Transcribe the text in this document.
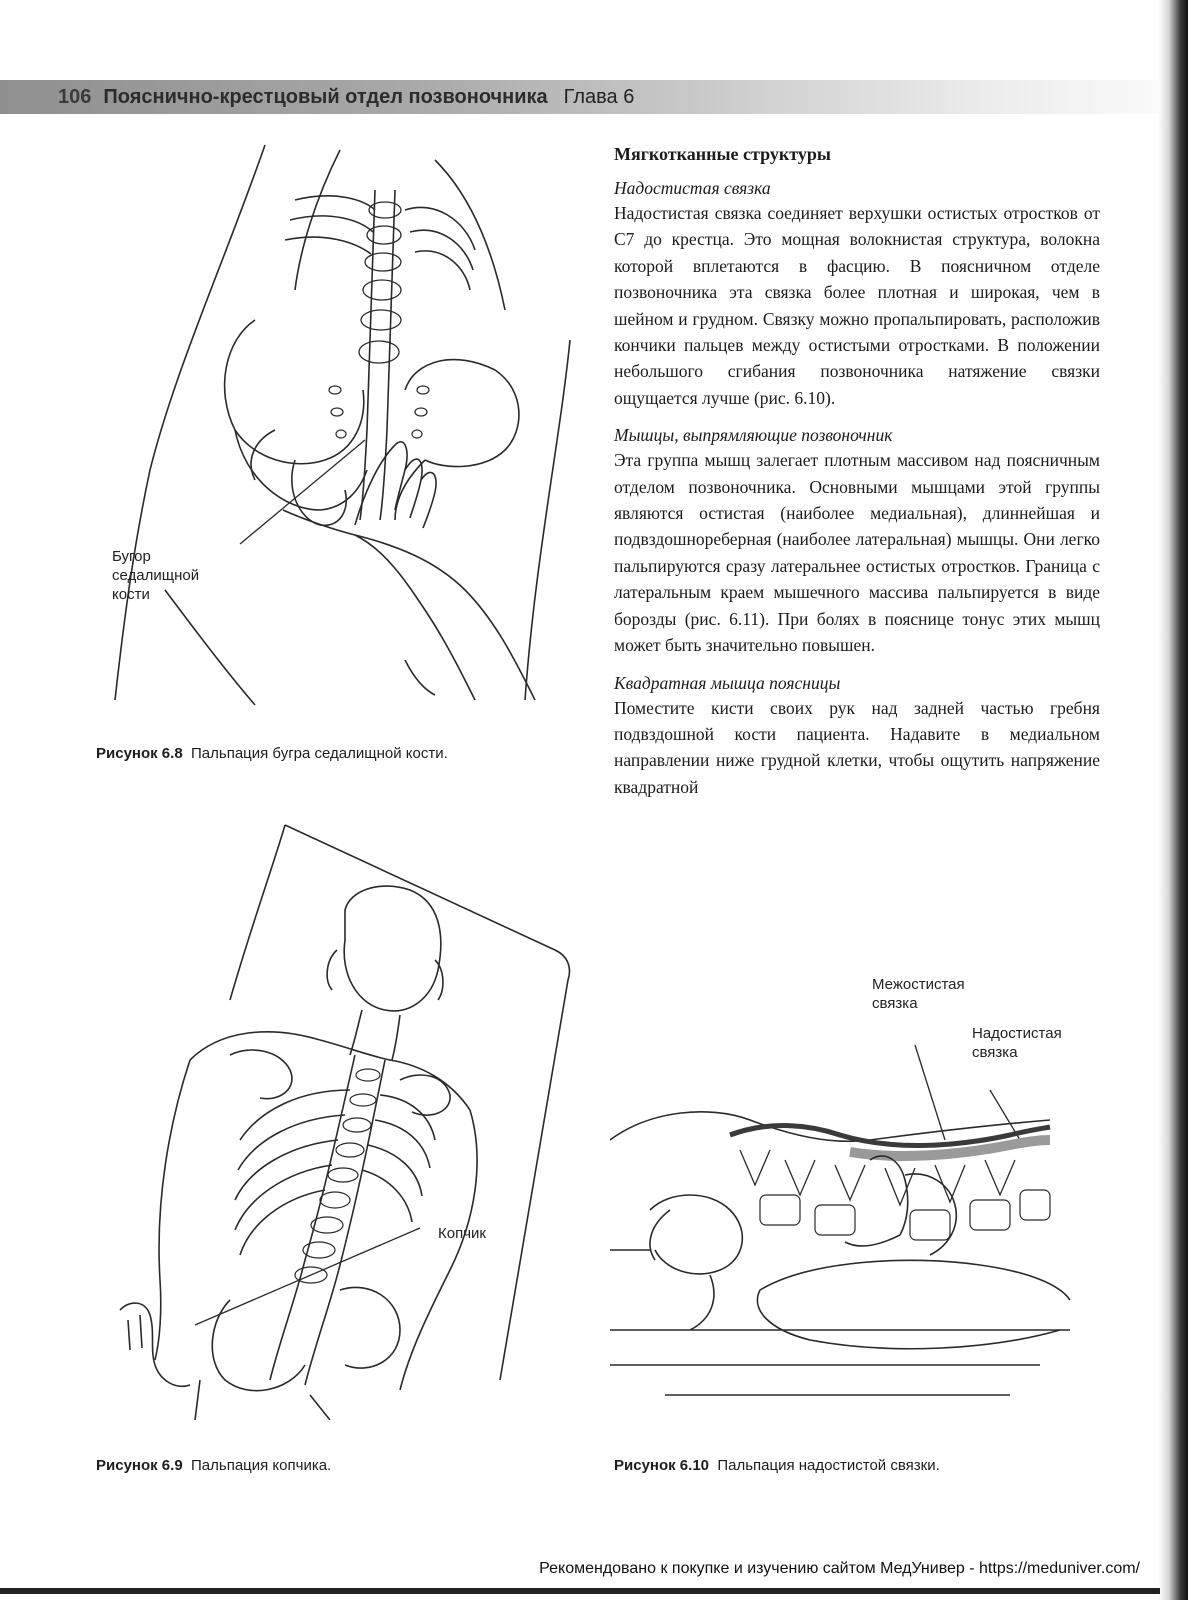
106 Пояснично-крестцовый отдел позвоночника Глава 6
Бугор седалищной кости
Рисунок 6.8 Пальпация бугра седалищной кости.
Копчик
Рисунок 6.9 Пальпация копчика.
Мягкотканные структуры
Надостистая связка

Надостистая связка соединяет верхушки остистых отростков от С7 до крестца. Это мощная волокнистая структура, волокна которой вплетаются в фасцию. В поясничном отделе позвоночника эта связка более плотная и широкая, чем в шейном и грудном. Связку можно пропальпировать, расположив кончики пальцев между остистыми отростками. В положении небольшого сгибания позвоночника натяжение связки ощущается лучше (рис. 6.10).

Мышцы, выпрямляющие позвоночник

Эта группа мышц залегает плотным массивом над поясничным отделом позвоночника. Основными мышцами этой группы являются остистая (наиболее медиальная), длиннейшая и подвздошнореберная (наиболее латеральная) мышцы. Они легко пальпируются сразу латеральнее остистых отростков. Граница с латеральным краем мышечного массива пальпируется в виде борозды (рис. 6.11). При болях в пояснице тонус этих мышц может быть значительно повышен.

Квадратная мышца поясницы

Поместите кисти своих рук над задней частью гребня подвздошной кости пациента. Надавите в медиальном направлении ниже грудной клетки, чтобы ощутить напряжение квадратной

Межостистая связка
Надостистая связка
Рисунок 6.10 Пальпация надостистой связки.
Рекомендовано к покупке и изучению сайтом МедУнивер - https://meduniver.com/
